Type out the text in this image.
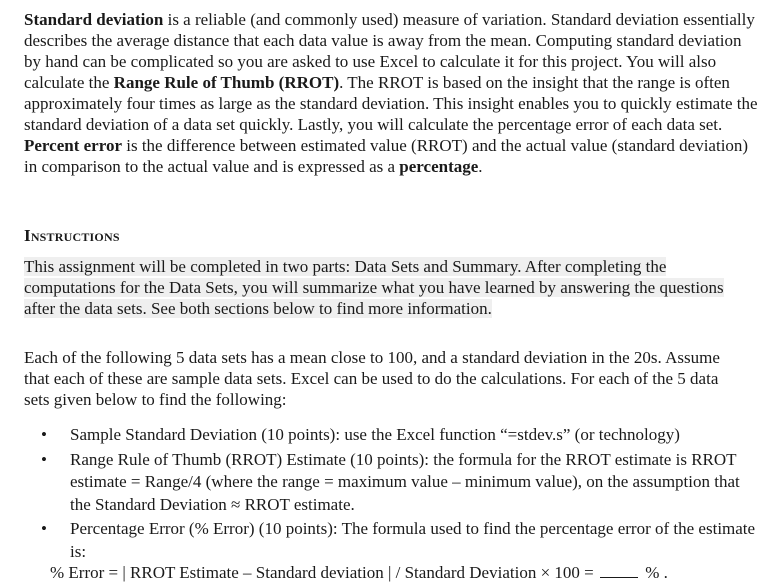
Standard deviation is a reliable (and commonly used) measure of variation. Standard deviation essentially describes the average distance that each data value is away from the mean. Computing standard deviation by hand can be complicated so you are asked to use Excel to calculate it for this project. You will also calculate the Range Rule of Thumb (RROT). The RROT is based on the insight that the range is often approximately four times as large as the standard deviation. This insight enables you to quickly estimate the standard deviation of a data set quickly. Lastly, you will calculate the percentage error of each data set. Percent error is the difference between estimated value (RROT) and the actual value (standard deviation) in comparison to the actual value and is expressed as a percentage.

Instructions

This assignment will be completed in two parts: Data Sets and Summary. After completing the computations for the Data Sets, you will summarize what you have learned by answering the questions after the data sets. See both sections below to find more information.

Each of the following 5 data sets has a mean close to 100, and a standard deviation in the 20s. Assume that each of these are sample data sets. Excel can be used to do the calculations. For each of the 5 data sets given below to find the following:

• Sample Standard Deviation (10 points): use the Excel function “=stdev.s” (or technology)
• Range Rule of Thumb (RROT) Estimate (10 points): the formula for the RROT estimate is RROT estimate = Range/4 (where the range = maximum value – minimum value), on the assumption that the Standard Deviation ≈ RROT estimate.
• Percentage Error (% Error) (10 points): The formula used to find the percentage error of the estimate is:

% Error = | RROT Estimate – Standard deviation | / Standard Deviation × 100 =	% .
